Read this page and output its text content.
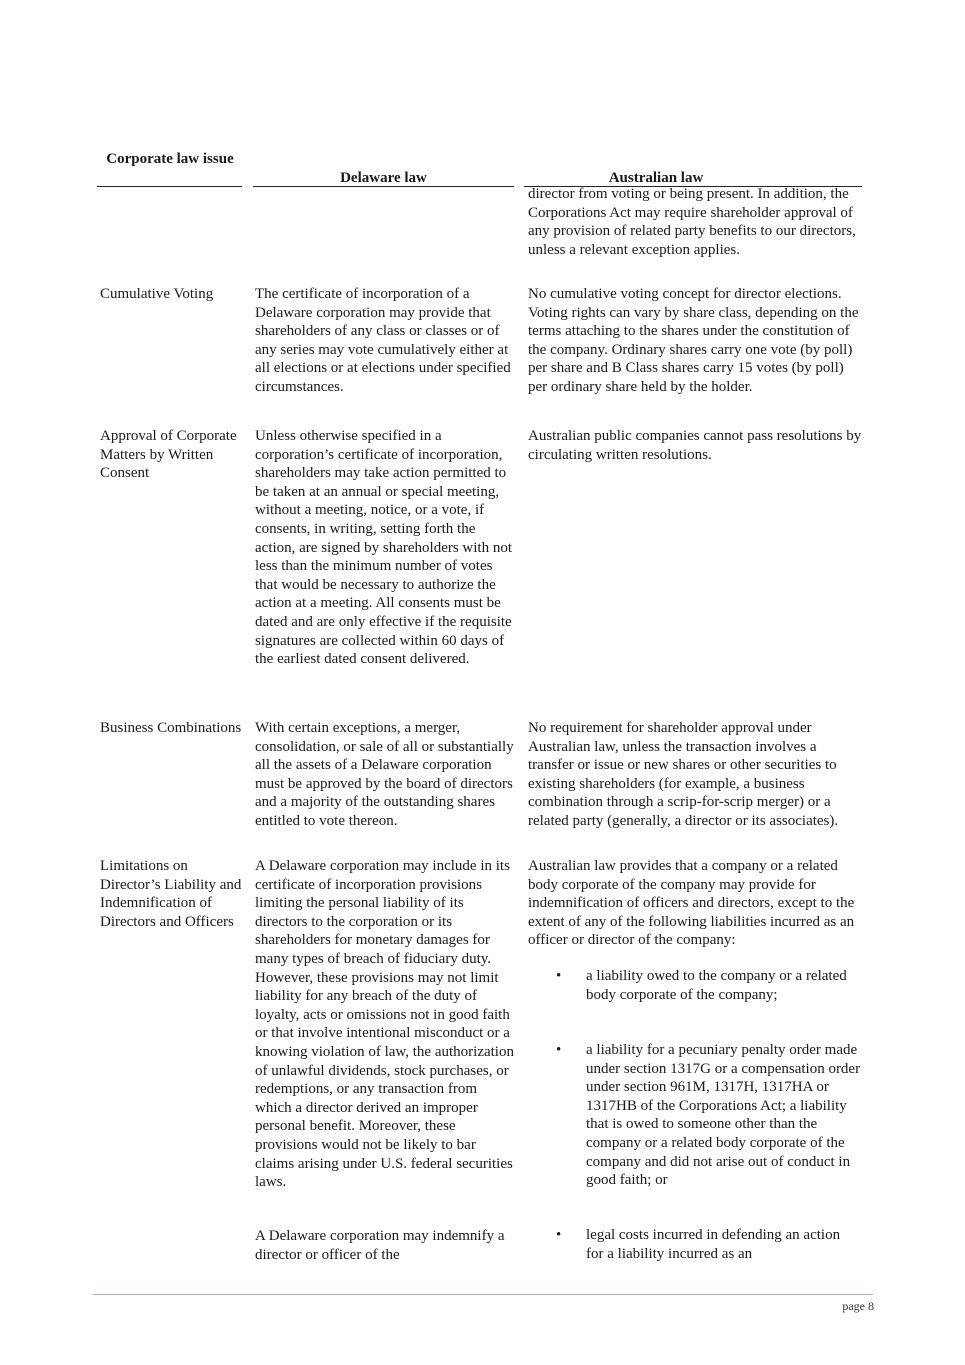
Corporate law issue
Delaware law	Australian law
director from voting or being present. In addition, the Corporations Act may require shareholder approval of any provision of related party benefits to our directors, unless a relevant exception applies.
Cumulative Voting	The certificate of incorporation of a Delaware corporation may provide that shareholders of any class or classes or of any series may vote cumulatively either at all elections or at elections under specified circumstances.
No cumulative voting concept for director elections. Voting rights can vary by share class, depending on the terms attaching to the shares under the constitution of the company. Ordinary shares carry one vote (by poll) per share and B Class shares carry 15 votes (by poll) per ordinary share held by the holder.
Approval of Corporate Matters by Written Consent
Unless otherwise specified in a corporation’s certificate of incorporation, shareholders may take action permitted to be taken at an annual or special meeting, without a meeting, notice, or a vote, if consents, in writing, setting forth the action, are signed by shareholders with not less than the minimum number of votes that would be necessary to authorize the action at a meeting. All consents must be dated and are only effective if the requisite signatures are collected within 60 days of the earliest dated consent delivered.
Australian public companies cannot pass resolutions by circulating written resolutions.
Business Combinations With certain exceptions, a merger, consolidation, or sale of all or substantially all the assets of a Delaware corporation must be approved by the board of directors and a majority of the outstanding shares entitled to vote thereon.
No requirement for shareholder approval under Australian law, unless the transaction involves a transfer or issue or new shares or other securities to existing shareholders (for example, a business combination through a scrip-for-scrip merger) or a related party (generally, a director or its associates).
Limitations on Director’s Liability and Indemnification of Directors and Officers
A Delaware corporation may include in its certificate of incorporation provisions limiting the personal liability of its directors to the corporation or its shareholders for monetary damages for many types of breach of fiduciary duty. However, these provisions may not limit liability for any breach of the duty of loyalty, acts or omissions not in good faith or that involve intentional misconduct or a knowing violation of law, the authorization of unlawful dividends, stock purchases, or redemptions, or any transaction from which a director derived an improper personal benefit. Moreover, these provisions would not be likely to bar claims arising under U.S. federal securities laws.
A Delaware corporation may indemnify a director or officer of the
Australian law provides that a company or a related body corporate of the company may provide for indemnification of officers and directors, except to the extent of any of the following liabilities incurred as an officer or director of the company:
• a liability owed to the company or a related body corporate of the company;
• a liability for a pecuniary penalty order made under section 1317G or a compensation order under section 961M, 1317H, 1317HA or 1317HB of the Corporations Act; a liability that is owed to someone other than the company or a related body corporate of the company and did not arise out of conduct in good faith; or
• legal costs incurred in defending an action for a liability incurred as an
page 8
